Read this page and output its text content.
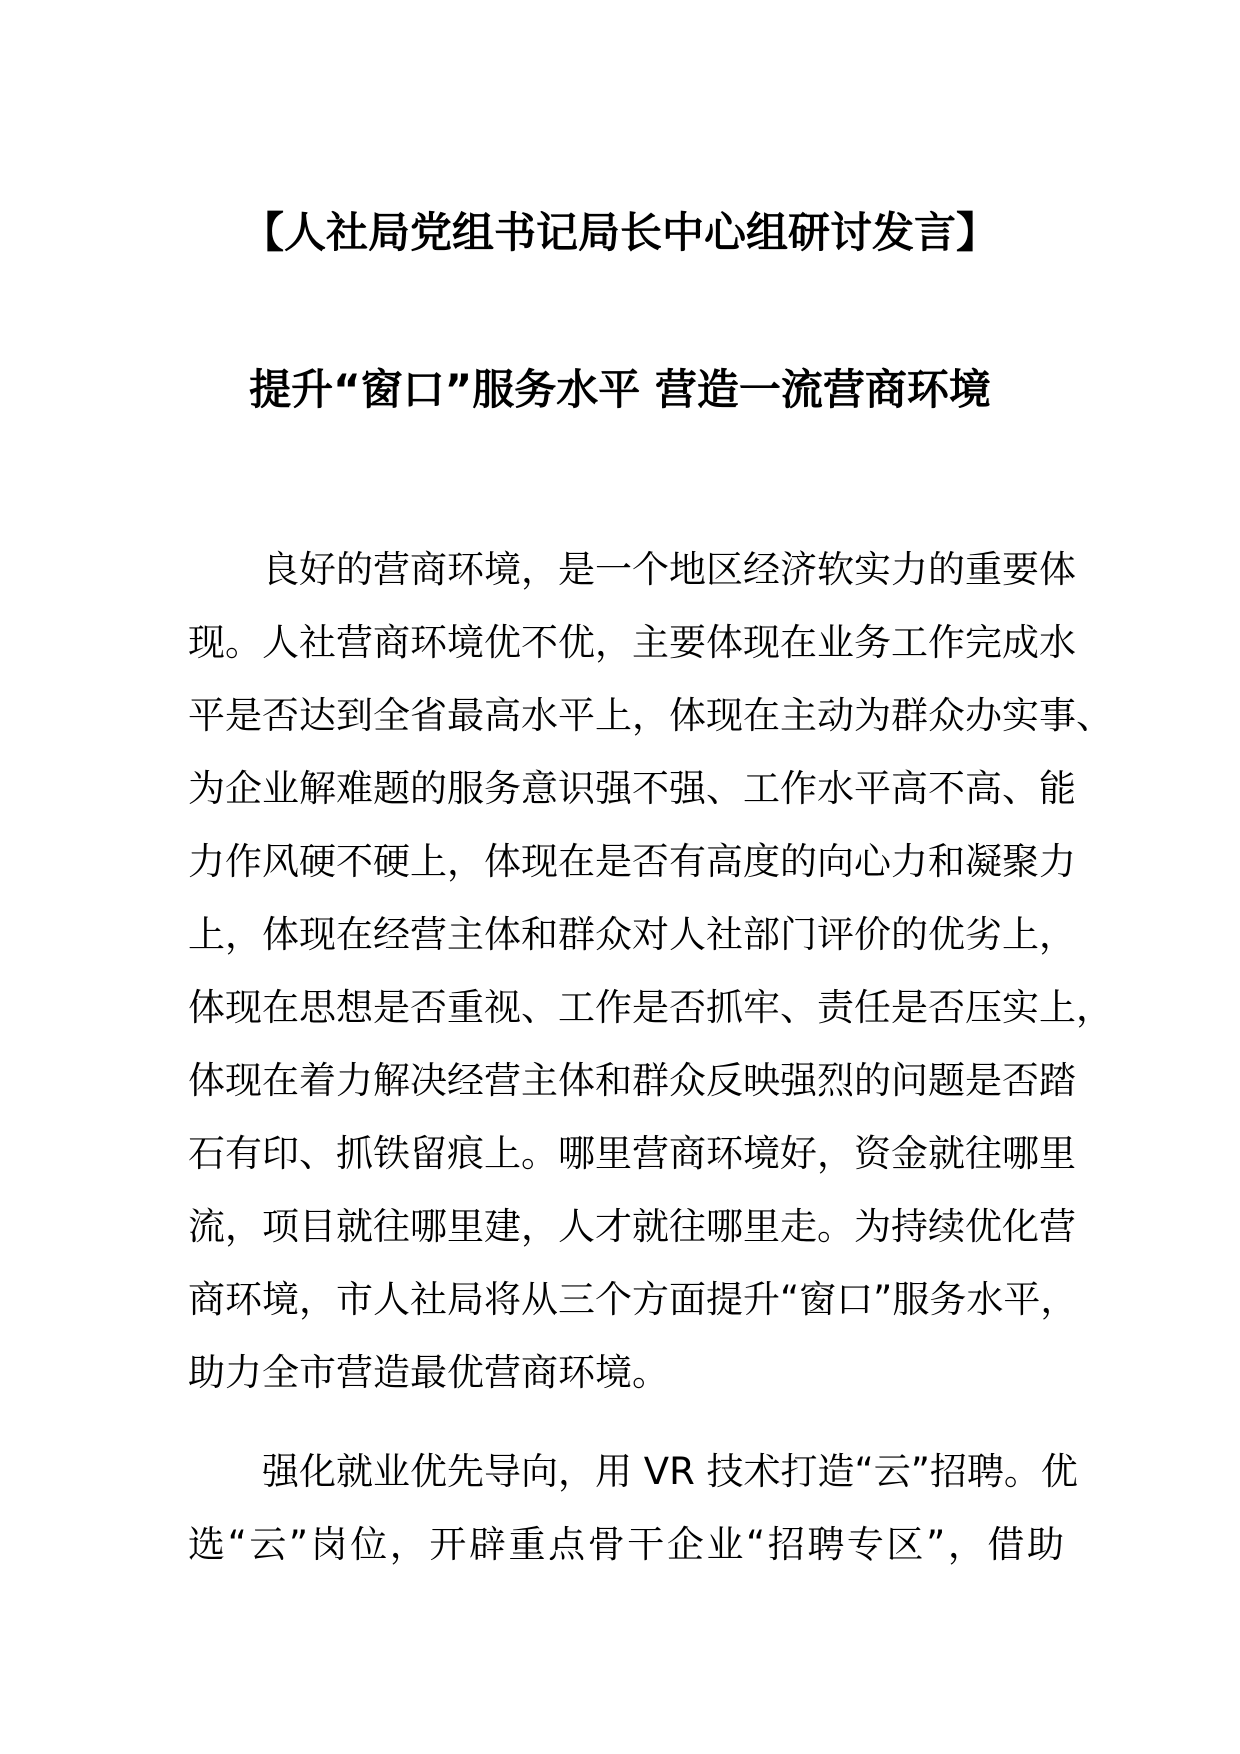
【人社局党组书记局长中心组研讨发言】
提升“窗口”服务水平 营造一流营商环境
良好的营商环境，是一个地区经济软实力的重要体
现。人社营商环境优不优，主要体现在业务工作完成水
平是否达到全省最高水平上，体现在主动为群众办实事、
为企业解难题的服务意识强不强、工作水平高不高、能
力作风硬不硬上，体现在是否有高度的向心力和凝聚力
上，体现在经营主体和群众对人社部门评价的优劣上，
体现在思想是否重视、工作是否抓牢、责任是否压实上，
体现在着力解决经营主体和群众反映强烈的问题是否踏
石有印、抓铁留痕上。哪里营商环境好，资金就往哪里
流，项目就往哪里建，人才就往哪里走。为持续优化营
商环境，市人社局将从三个方面提升“窗口”服务水平，
助力全市营造最优营商环境。
强化就业优先导向，用 VR 技术打造“云”招聘。优
选“云”岗位，开辟重点骨干企业“招聘专区”，借助
